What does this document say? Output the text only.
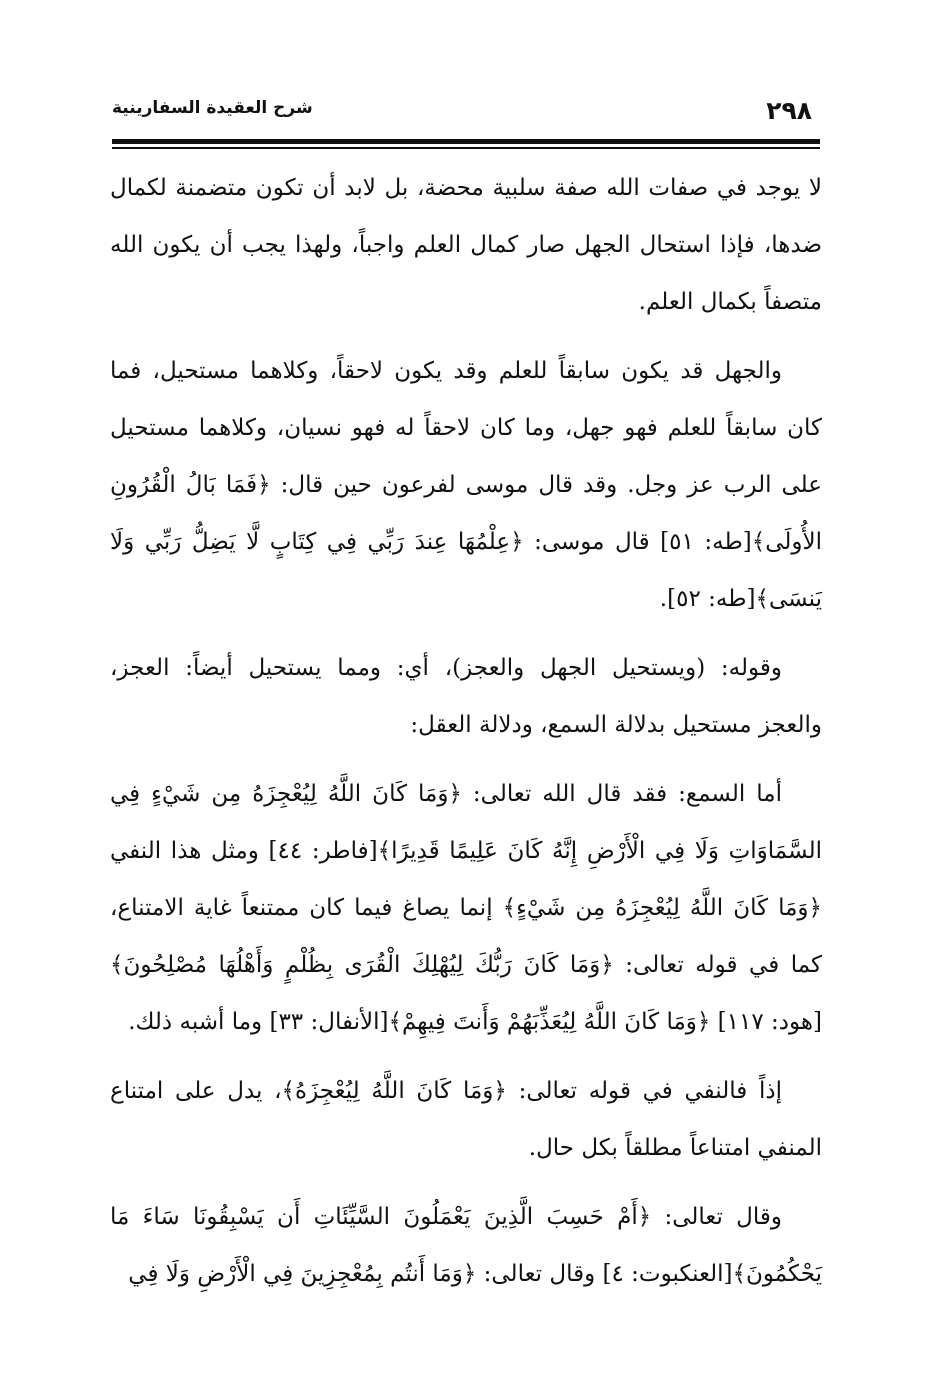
٢٩٨
شرح العقيدة السفارينية

لا يوجد في صفات الله صفة سلبية محضة، بل لابد أن تكون متضمنة لكمال ضدها، فإذا استحال الجهل صار كمال العلم واجباً، ولهذا يجب أن يكون الله متصفاً بكمال العلم.

والجهل قد يكون سابقاً للعلم وقد يكون لاحقاً، وكلاهما مستحيل، فما كان سابقاً للعلم فهو جهل، وما كان لاحقاً له فهو نسيان، وكلاهما مستحيل على الرب عز وجل. وقد قال موسى لفرعون حين قال: ﴿فَمَا بَالُ الْقُرُونِ الأُولَى﴾[طه: ٥١] قال موسى: ﴿عِلْمُهَا عِندَ رَبِّي فِي كِتَابٍ لَّا يَضِلُّ رَبِّي وَلَا يَنسَى﴾[طه: ٥٢].

وقوله: (ويستحيل الجهل والعجز)، أي: ومما يستحيل أيضاً: العجز، والعجز مستحيل بدلالة السمع، ودلالة العقل:

أما السمع: فقد قال الله تعالى: ﴿وَمَا كَانَ اللَّهُ لِيُعْجِزَهُ مِن شَيْءٍ فِي السَّمَاوَاتِ وَلَا فِي الْأَرْضِ إِنَّهُ كَانَ عَلِيمًا قَدِيرًا﴾[فاطر: ٤٤] ومثل هذا النفي ﴿وَمَا كَانَ اللَّهُ لِيُعْجِزَهُ مِن شَيْءٍ﴾ إنما يصاغ فيما كان ممتنعاً غاية الامتناع، كما في قوله تعالى: ﴿وَمَا كَانَ رَبُّكَ لِيُهْلِكَ الْقُرَى بِظُلْمٍ وَأَهْلُهَا مُصْلِحُونَ﴾[هود: ١١٧] ﴿وَمَا كَانَ اللَّهُ لِيُعَذِّبَهُمْ وَأَنتَ فِيهِمْ﴾[الأنفال: ٣٣] وما أشبه ذلك.

إذاً فالنفي في قوله تعالى: ﴿وَمَا كَانَ اللَّهُ لِيُعْجِزَهُ﴾، يدل على امتناع المنفي امتناعاً مطلقاً بكل حال.

وقال تعالى: ﴿أَمْ حَسِبَ الَّذِينَ يَعْمَلُونَ السَّيِّئَاتِ أَن يَسْبِقُونَا سَاءَ مَا يَحْكُمُونَ﴾[العنكبوت: ٤] وقال تعالى: ﴿وَمَا أَنتُم بِمُعْجِزِينَ فِي الْأَرْضِ وَلَا فِي
